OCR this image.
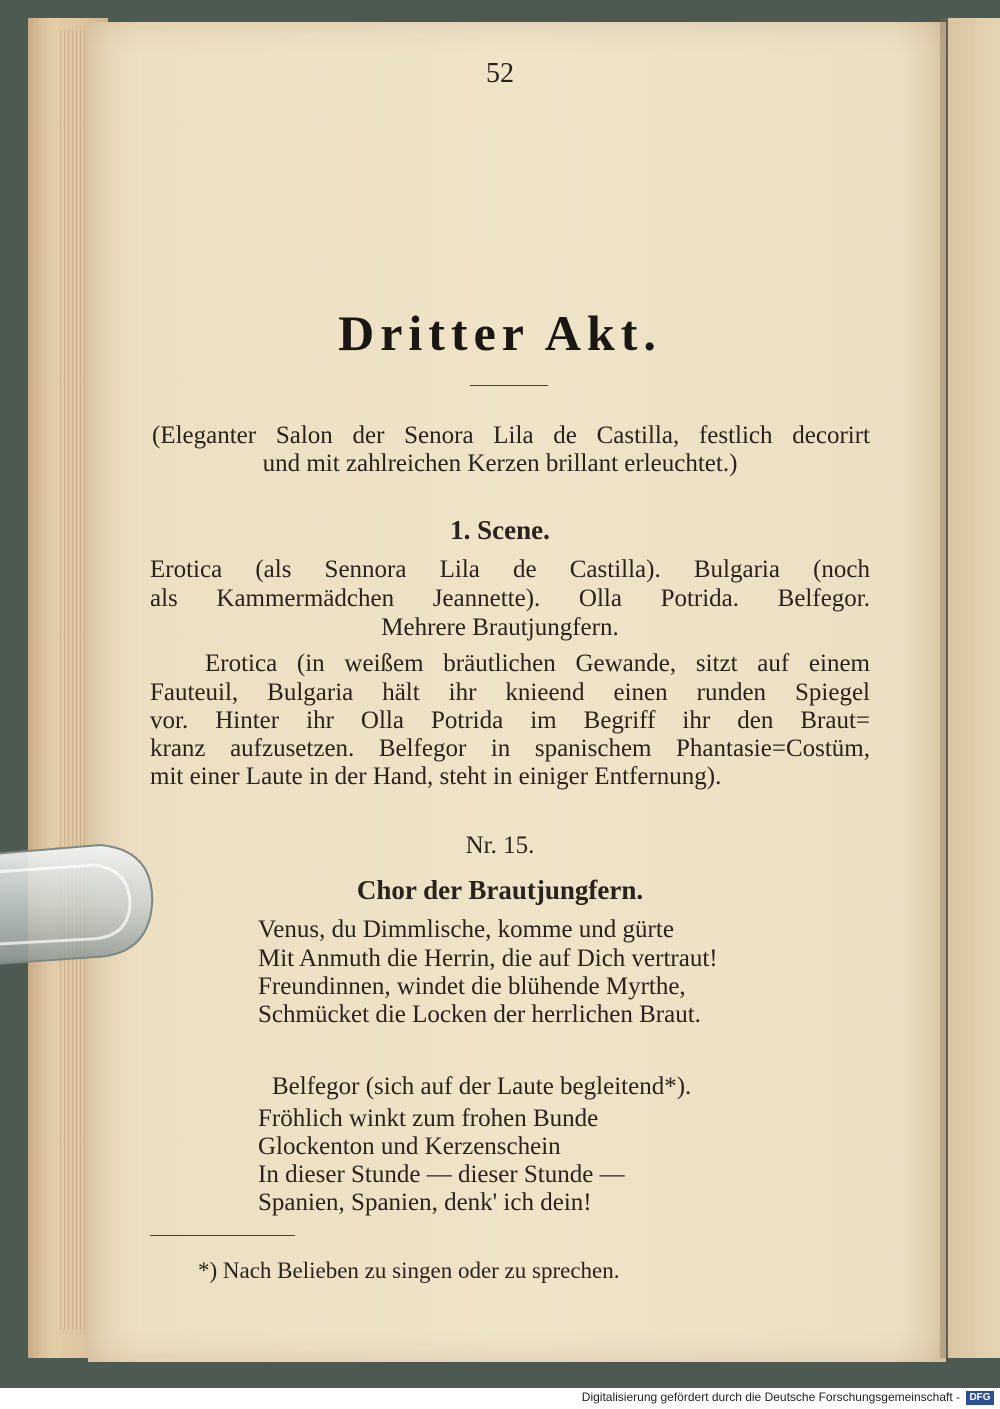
52
Dritter Akt.
(Eleganter Salon der Senora Lila de Castilla, festlich decorirt
und mit zahlreichen Kerzen brillant erleuchtet.)
1. Scene.
Erotica (als Sennora Lila de Castilla). Bulgaria (noch
als Kammermädchen Jeannette). Olla Potrida. Belfegor.
Mehrere Brautjungfern.
Erotica (in weißem bräutlichen Gewande, sitzt auf einem
Fauteuil, Bulgaria hält ihr knieend einen runden Spiegel
vor. Hinter ihr Olla Potrida im Begriff ihr den Braut=
kranz aufzusetzen. Belfegor in spanischem Phantasie=Costüm,
mit einer Laute in der Hand, steht in einiger Entfernung).
Nr. 15.
Chor der Brautjungfern.
Venus, du Dimmlische, komme und gürte
Mit Anmuth die Herrin, die auf Dich vertraut!
Freundinnen, windet die blühende Myrthe,
Schmücket die Locken der herrlichen Braut.
Belfegor (sich auf der Laute begleitend*).
Fröhlich winkt zum frohen Bunde
Glockenton und Kerzenschein
In dieser Stunde — dieser Stunde —
Spanien, Spanien, denk' ich dein!
*) Nach Belieben zu singen oder zu sprechen.
Digitalisierung gefördert durch die Deutsche Forschungsgemeinschaft - DFG
